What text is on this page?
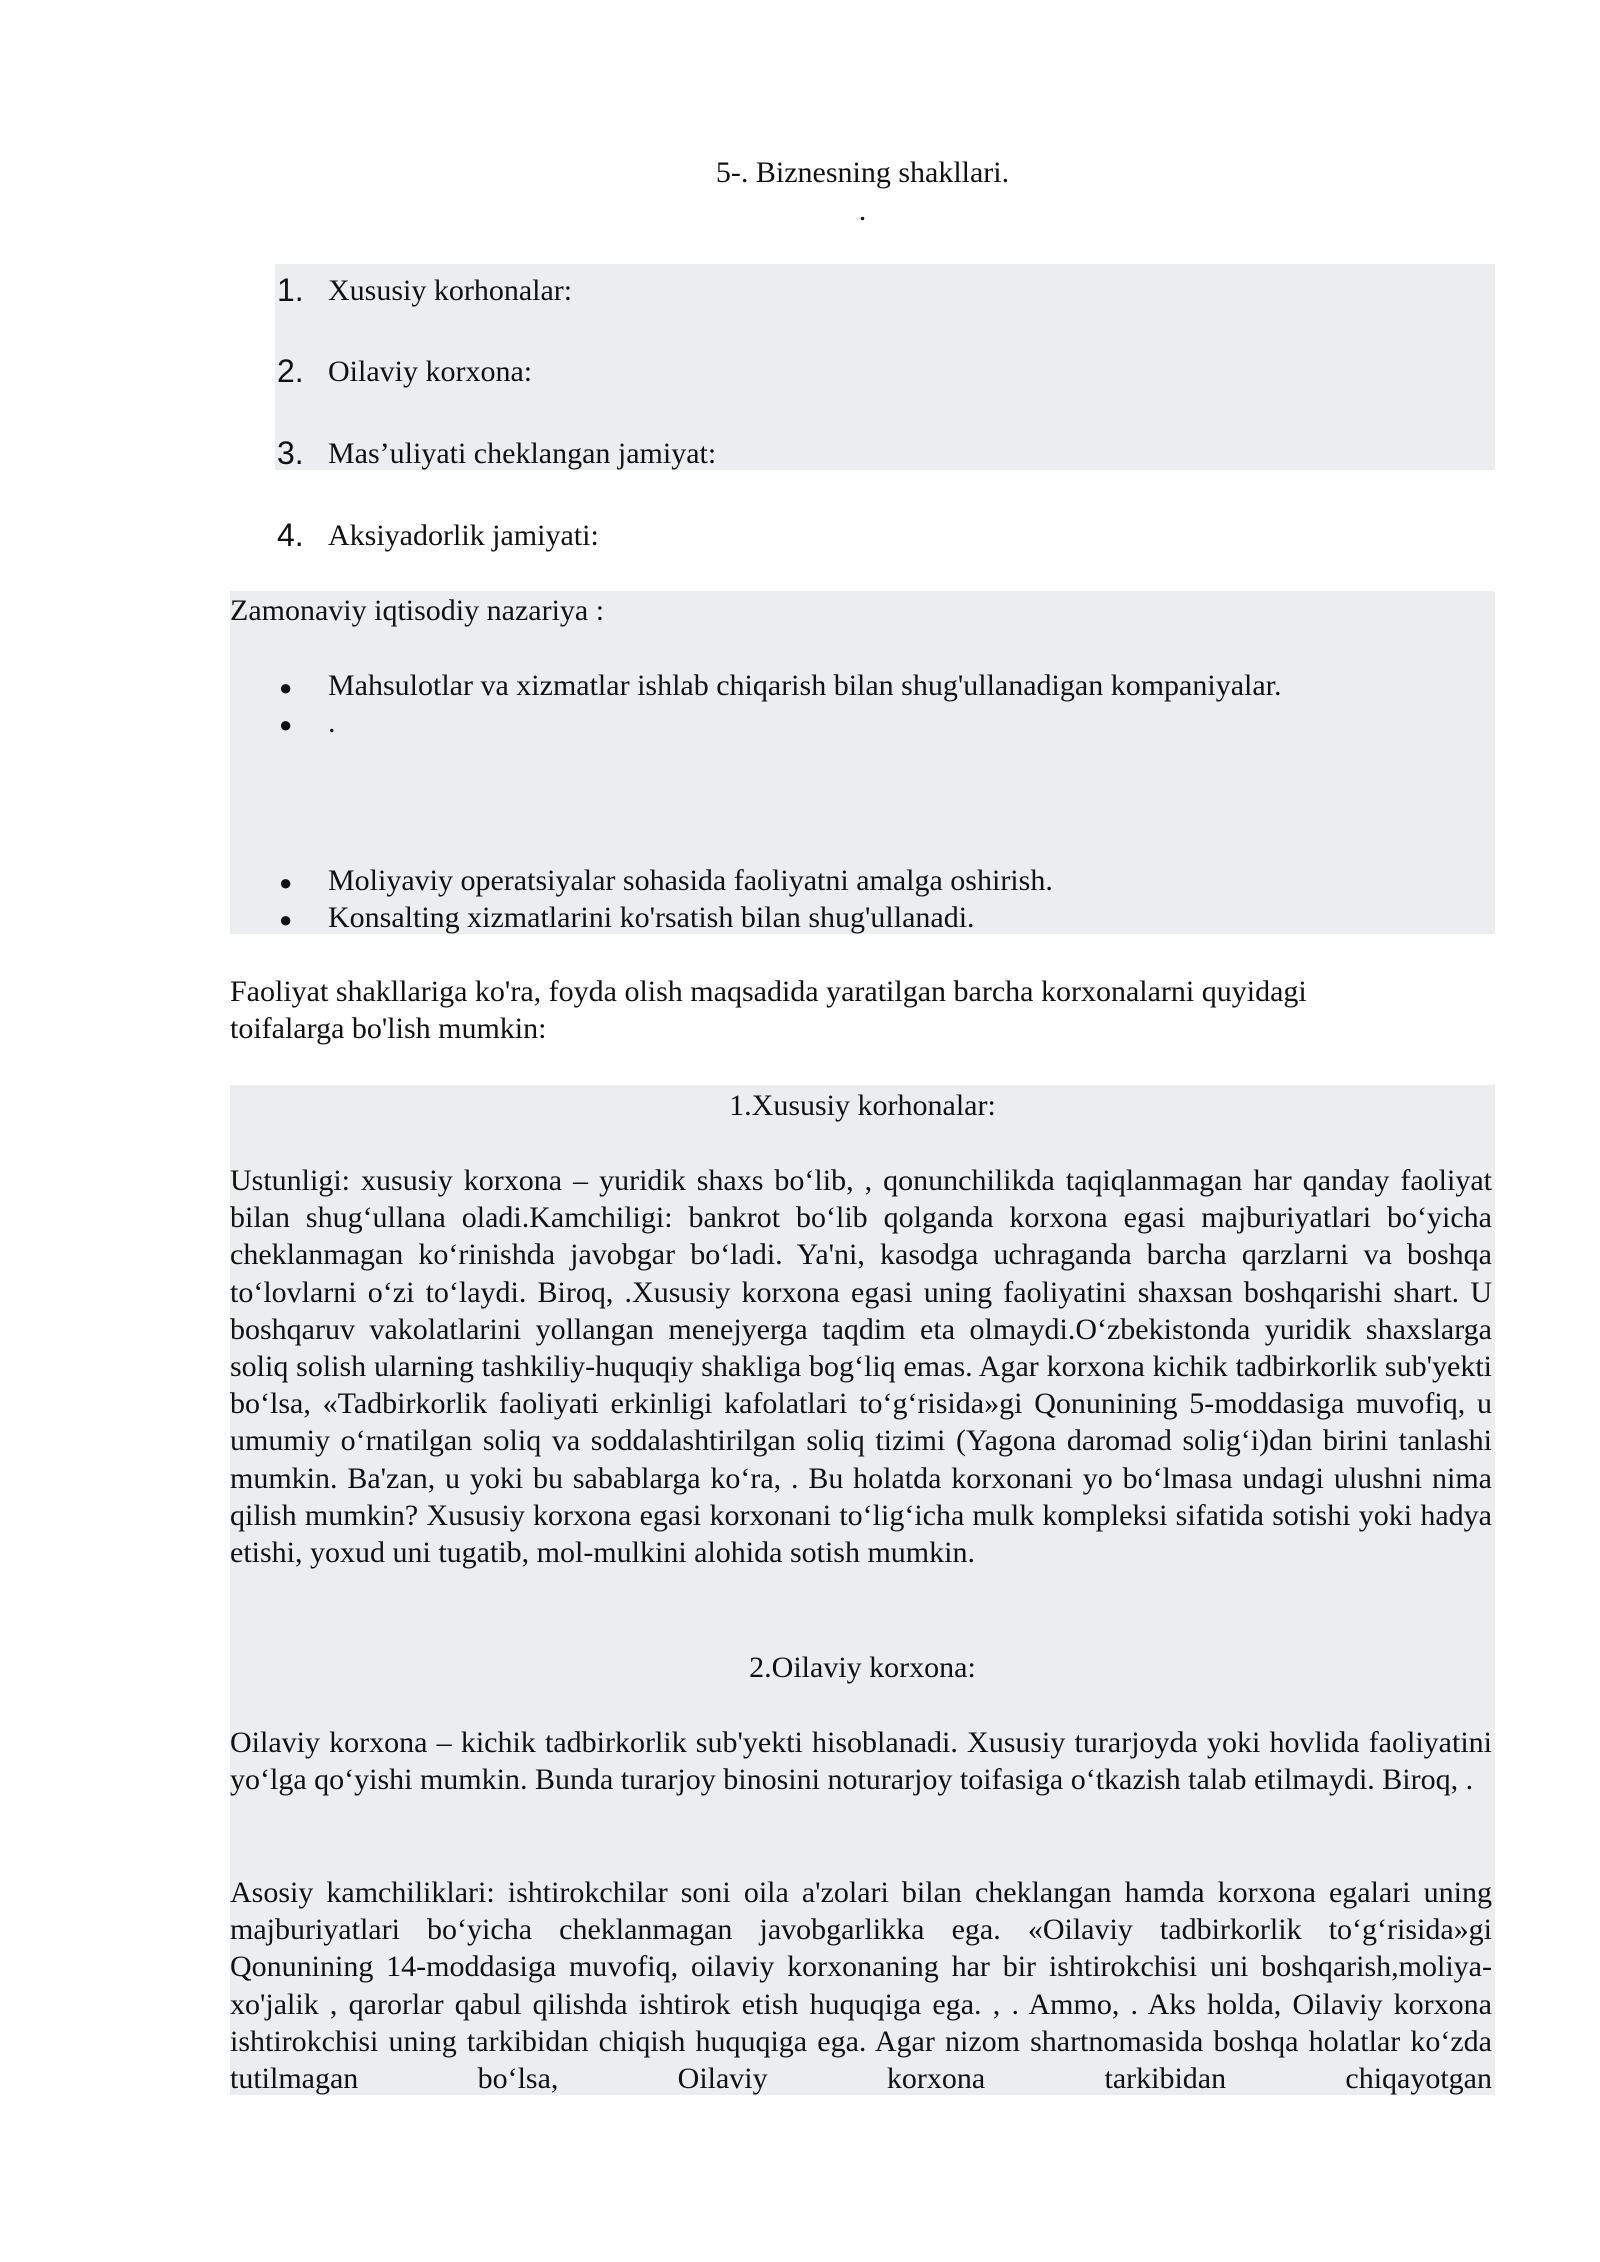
5-. Biznesning shakllari.
.
1. Xususiy korhonalar:
2. Oilaviy korxona:
3. Mas’uliyati cheklangan jamiyat:
4. Aksiyadorlik jamiyati:
Zamonaviy iqtisodiy nazariya :
● Mahsulotlar va xizmatlar ishlab chiqarish bilan shug'ullanadigan kompaniyalar.
● .
● Moliyaviy operatsiyalar sohasida faoliyatni amalga oshirish.
● Konsalting xizmatlarini ko'rsatish bilan shug'ullanadi.
Faoliyat shakllariga ko'ra, foyda olish maqsadida yaratilgan barcha korxonalarni quyidagi toifalarga bo'lish mumkin:
1.Xususiy korhonalar:
Ustunligi: xususiy korxona – yuridik shaxs bo‘lib, , qonunchilikda taqiqlanmagan har qanday faoliyat bilan shug‘ullana oladi.Kamchiligi: bankrot bo‘lib qolganda korxona egasi majburiyatlari bo‘yicha cheklanmagan ko‘rinishda javobgar bo‘ladi. Ya'ni, kasodga uchraganda barcha qarzlarni va boshqa to‘lovlarni o‘zi to‘laydi. Biroq, .Xususiy korxona egasi uning faoliyatini shaxsan boshqarishi shart. U boshqaruv vakolatlarini yollangan menejyerga taqdim eta olmaydi.O‘zbekistonda yuridik shaxslarga soliq solish ularning tashkiliy-huquqiy shakliga bog‘liq emas. Agar korxona kichik tadbirkorlik sub'yekti bo‘lsa, «Tadbirkorlik faoliyati erkinligi kafolatlari to‘g‘risida»gi Qonunining 5-moddasiga muvofiq, u umumiy o‘rnatilgan soliq va soddalashtirilgan soliq tizimi (Yagona daromad solig‘i)dan birini tanlashi mumkin. Ba'zan, u yoki bu sabablarga ko‘ra, . Bu holatda korxonani yo bo‘lmasa undagi ulushni nima qilish mumkin? Xususiy korxona egasi korxonani to‘lig‘icha mulk kompleksi sifatida sotishi yoki hadya etishi, yoxud uni tugatib, mol-mulkini alohida sotish mumkin.
2.Oilaviy korxona:
Oilaviy korxona – kichik tadbirkorlik sub'yekti hisoblanadi. Xususiy turarjoyda yoki hovlida faoliyatini yo‘lga qo‘yishi mumkin. Bunda turarjoy binosini noturarjoy toifasiga o‘tkazish talab etilmaydi. Biroq, .
Asosiy kamchiliklari: ishtirokchilar soni oila a'zolari bilan cheklangan hamda korxona egalari uning majburiyatlari bo‘yicha cheklanmagan javobgarlikka ega. «Oilaviy tadbirkorlik to‘g‘risida»gi Qonunining 14-moddasiga muvofiq, oilaviy korxonaning har bir ishtirokchisi uni boshqarish,moliya-xo'jalik , qarorlar qabul qilishda ishtirok etish huquqiga ega. , . Ammo, . Aks holda, Oilaviy korxona ishtirokchisi uning tarkibidan chiqish huquqiga ega. Agar nizom shartnomasida boshqa holatlar ko‘zda tutilmagan bo‘lsa, Oilaviy korxona tarkibidan chiqayotgan
